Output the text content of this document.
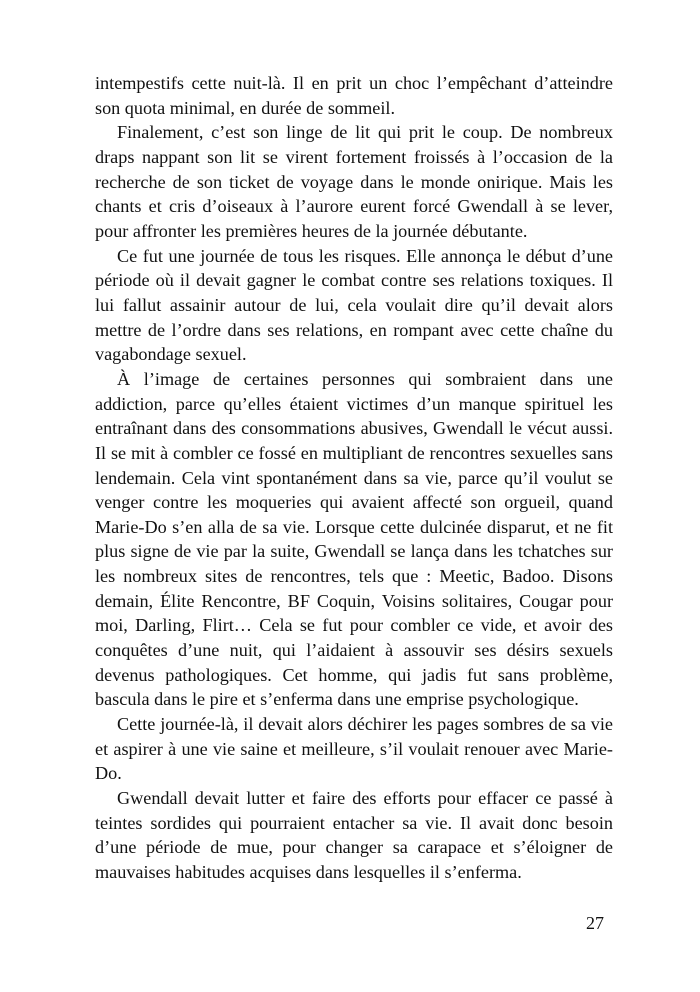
intempestifs cette nuit-là. Il en prit un choc l’empêchant d’atteindre son quota minimal, en durée de sommeil.

Finalement, c’est son linge de lit qui prit le coup. De nombreux draps nappant son lit se virent fortement froissés à l’occasion de la recherche de son ticket de voyage dans le monde onirique. Mais les chants et cris d’oiseaux à l’aurore eurent forcé Gwendall à se lever, pour affronter les premières heures de la journée débutante.

Ce fut une journée de tous les risques. Elle annonça le début d’une période où il devait gagner le combat contre ses relations toxiques. Il lui fallut assainir autour de lui, cela voulait dire qu’il devait alors mettre de l’ordre dans ses relations, en rompant avec cette chaîne du vagabondage sexuel.

À l’image de certaines personnes qui sombraient dans une addiction, parce qu’elles étaient victimes d’un manque spirituel les entraînant dans des consommations abusives, Gwendall le vécut aussi. Il se mit à combler ce fossé en multipliant de rencontres sexuelles sans lendemain. Cela vint spontanément dans sa vie, parce qu’il voulut se venger contre les moqueries qui avaient affecté son orgueil, quand Marie-Do s’en alla de sa vie. Lorsque cette dulcinée disparut, et ne fit plus signe de vie par la suite, Gwendall se lança dans les tchatches sur les nombreux sites de rencontres, tels que : Meetic, Badoo. Disons demain, Élite Rencontre, BF Coquin, Voisins solitaires, Cougar pour moi, Darling, Flirt… Cela se fut pour combler ce vide, et avoir des conquêtes d’une nuit, qui l’aidaient à assouvir ses désirs sexuels devenus pathologiques. Cet homme, qui jadis fut sans problème, bascula dans le pire et s’enferma dans une emprise psychologique.

Cette journée-là, il devait alors déchirer les pages sombres de sa vie et aspirer à une vie saine et meilleure, s’il voulait renouer avec Marie-Do.

Gwendall devait lutter et faire des efforts pour effacer ce passé à teintes sordides qui pourraient entacher sa vie. Il avait donc besoin d’une période de mue, pour changer sa carapace et s’éloigner de mauvaises habitudes acquises dans lesquelles il s’enferma.

27
